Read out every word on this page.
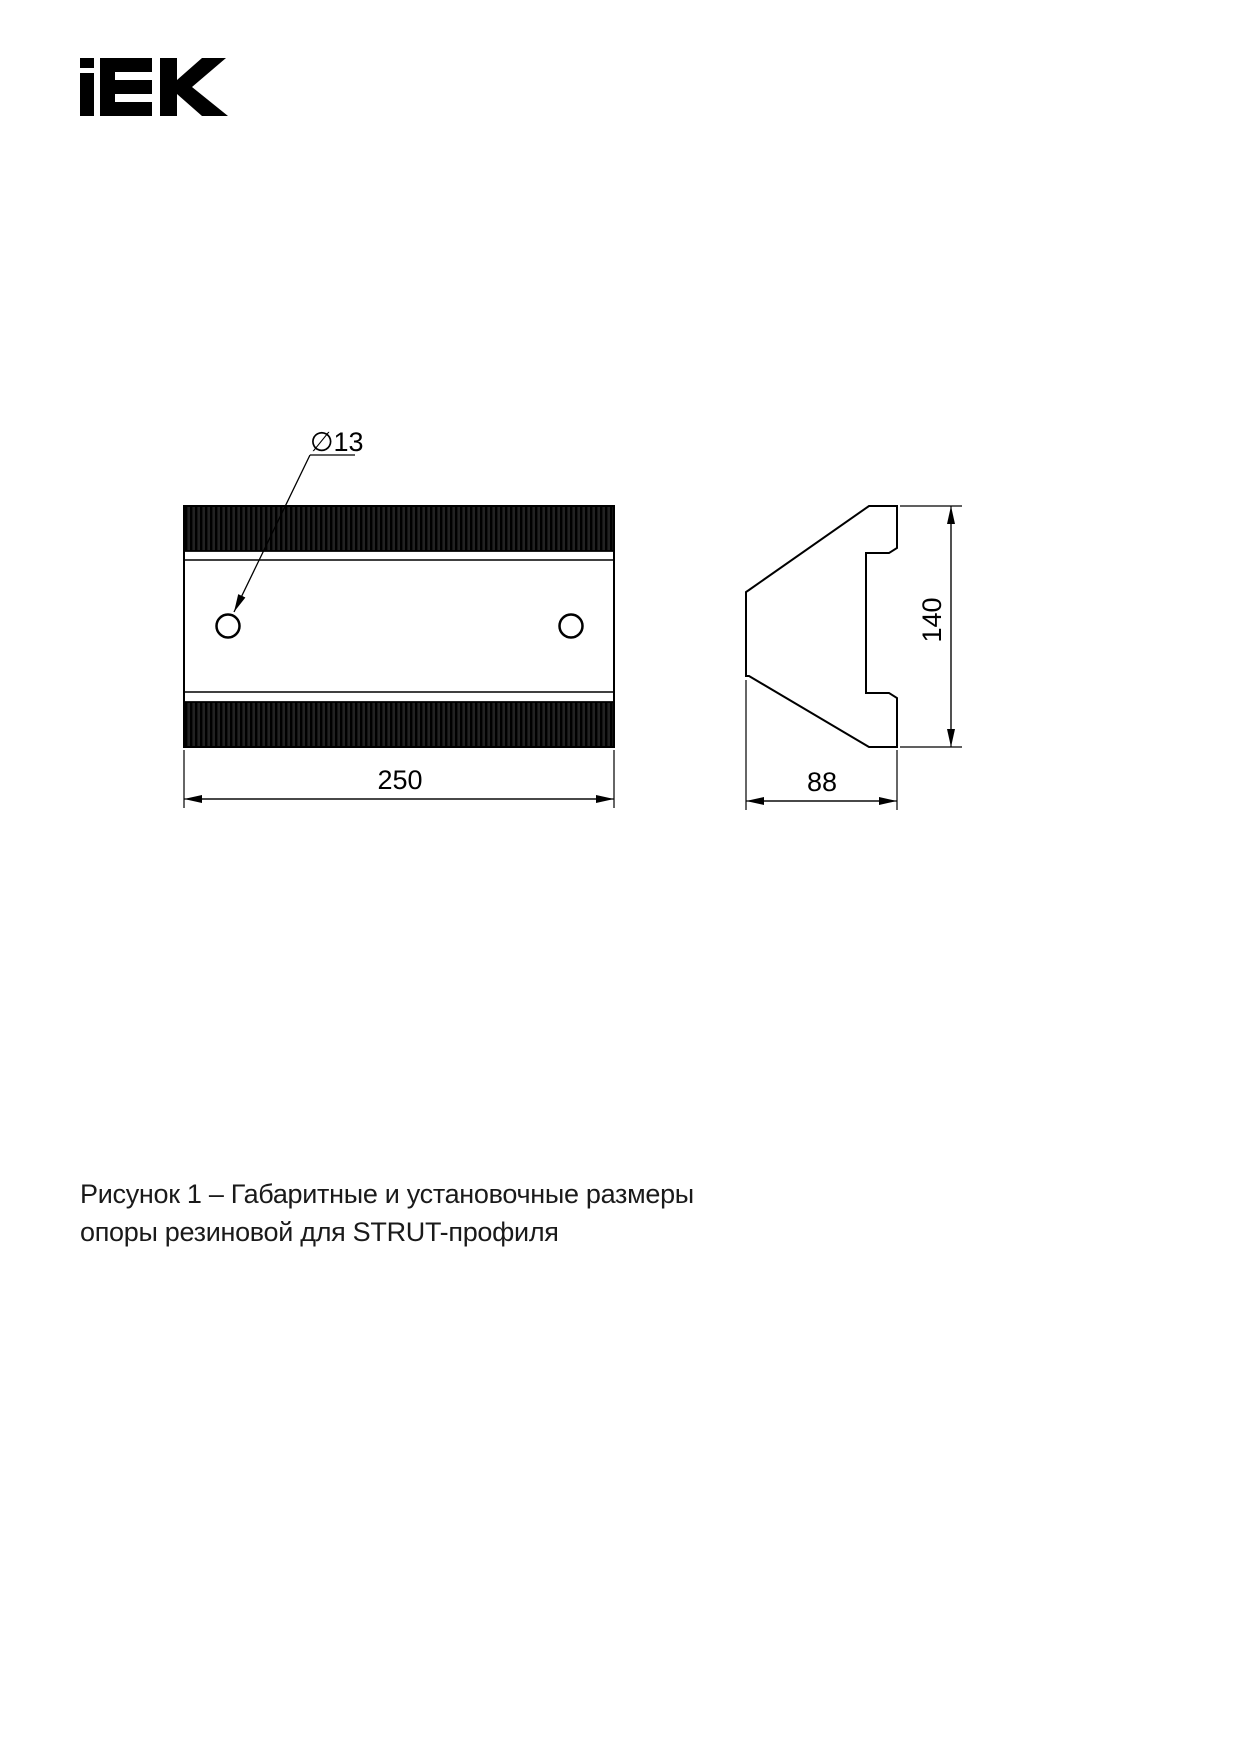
∅13
250
140
88
Рисунок 1 – Габаритные и установочные размеры
опоры резиновой для STRUT-профиля
